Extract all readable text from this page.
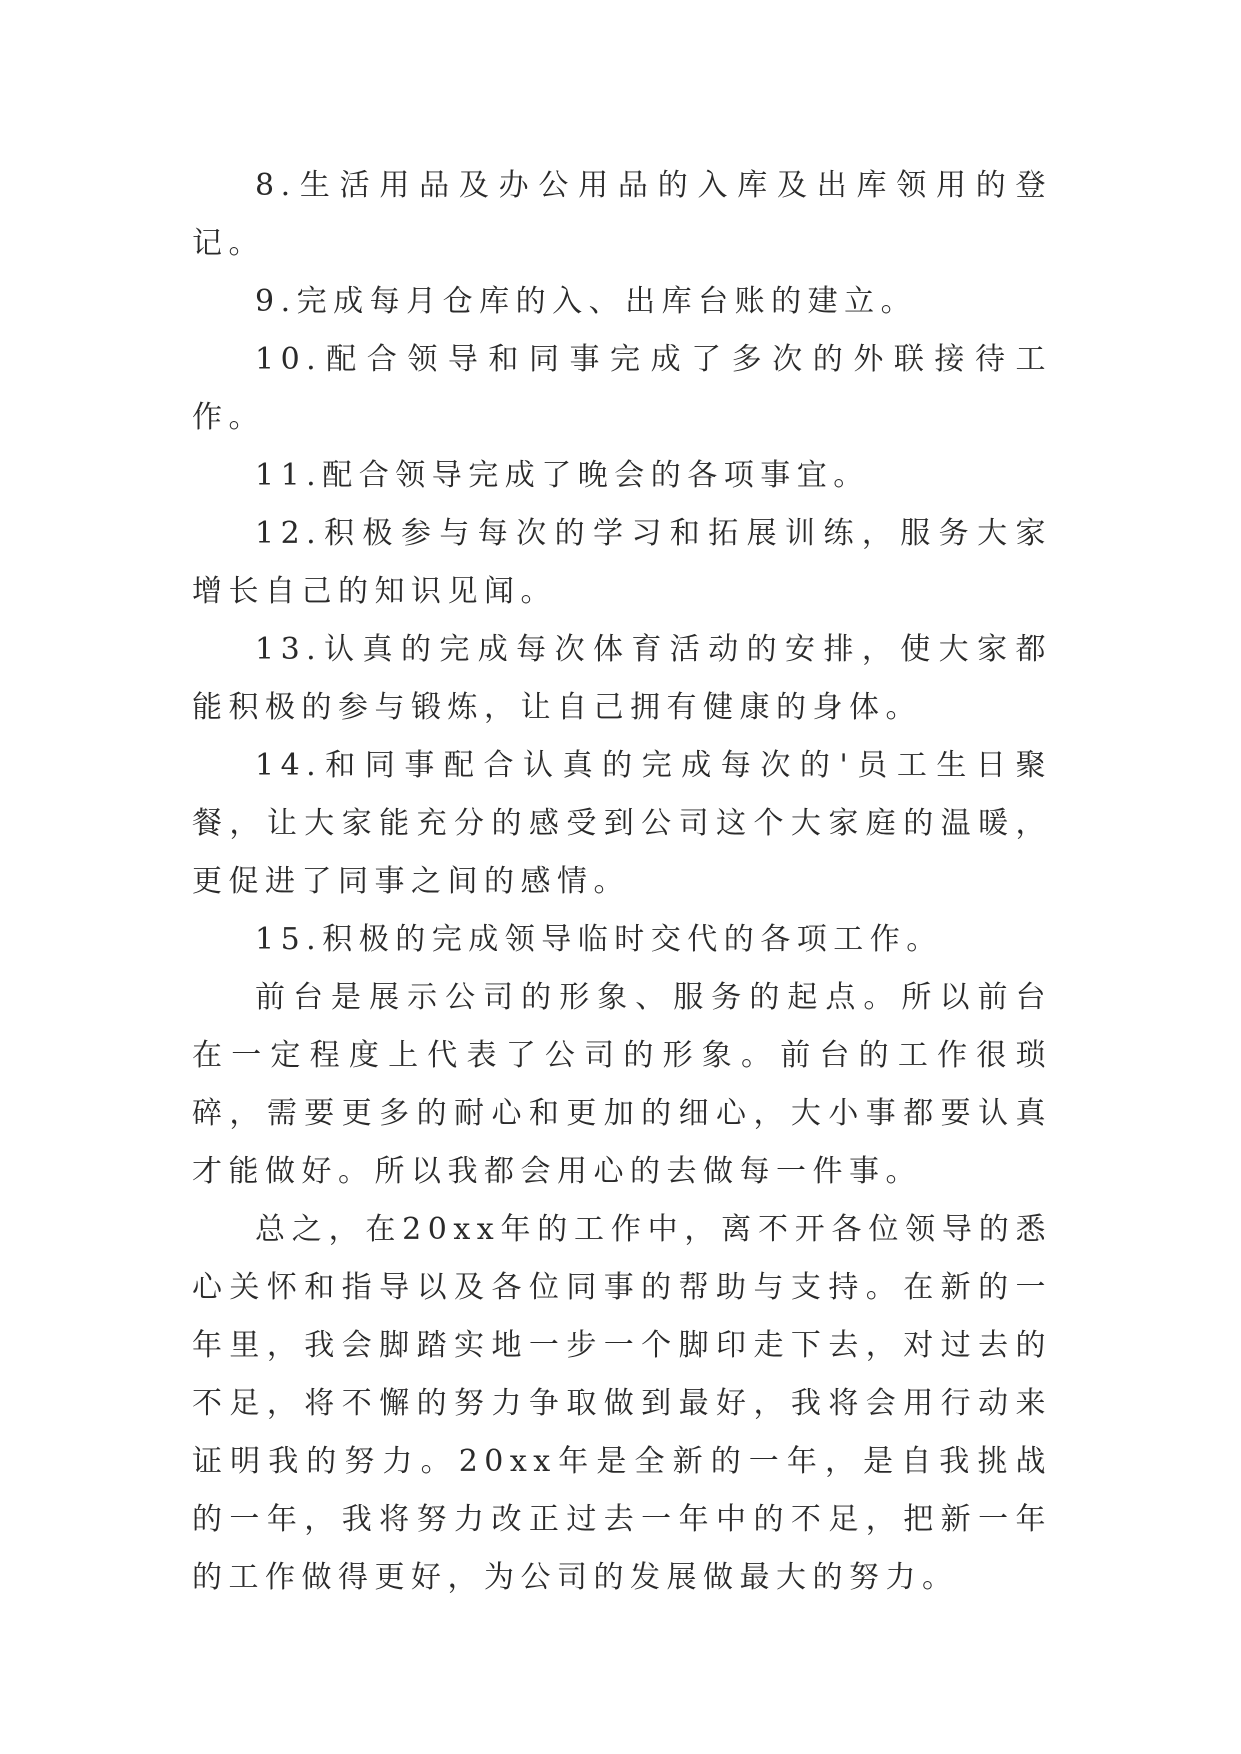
8.生活用品及办公用品的入库及出库领用的登记。

9.完成每月仓库的入、出库台账的建立。

10.配合领导和同事完成了多次的外联接待工作。

11.配合领导完成了晚会的各项事宜。

12.积极参与每次的学习和拓展训练，服务大家增长自己的知识见闻。

13.认真的完成每次体育活动的安排，使大家都能积极的参与锻炼，让自己拥有健康的身体。

14.和同事配合认真的完成每次的'员工生日聚餐，让大家能充分的感受到公司这个大家庭的温暖，更促进了同事之间的感情。

15.积极的完成领导临时交代的各项工作。

前台是展示公司的形象、服务的起点。所以前台在一定程度上代表了公司的形象。前台的工作很琐碎，需要更多的耐心和更加的细心，大小事都要认真才能做好。所以我都会用心的去做每一件事。

总之，在20xx年的工作中，离不开各位领导的悉心关怀和指导以及各位同事的帮助与支持。在新的一年里，我会脚踏实地一步一个脚印走下去，对过去的不足，将不懈的努力争取做到最好，我将会用行动来证明我的努力。20xx年是全新的一年，是自我挑战的一年，我将努力改正过去一年中的不足，把新一年的工作做得更好，为公司的发展做最大的努力。
